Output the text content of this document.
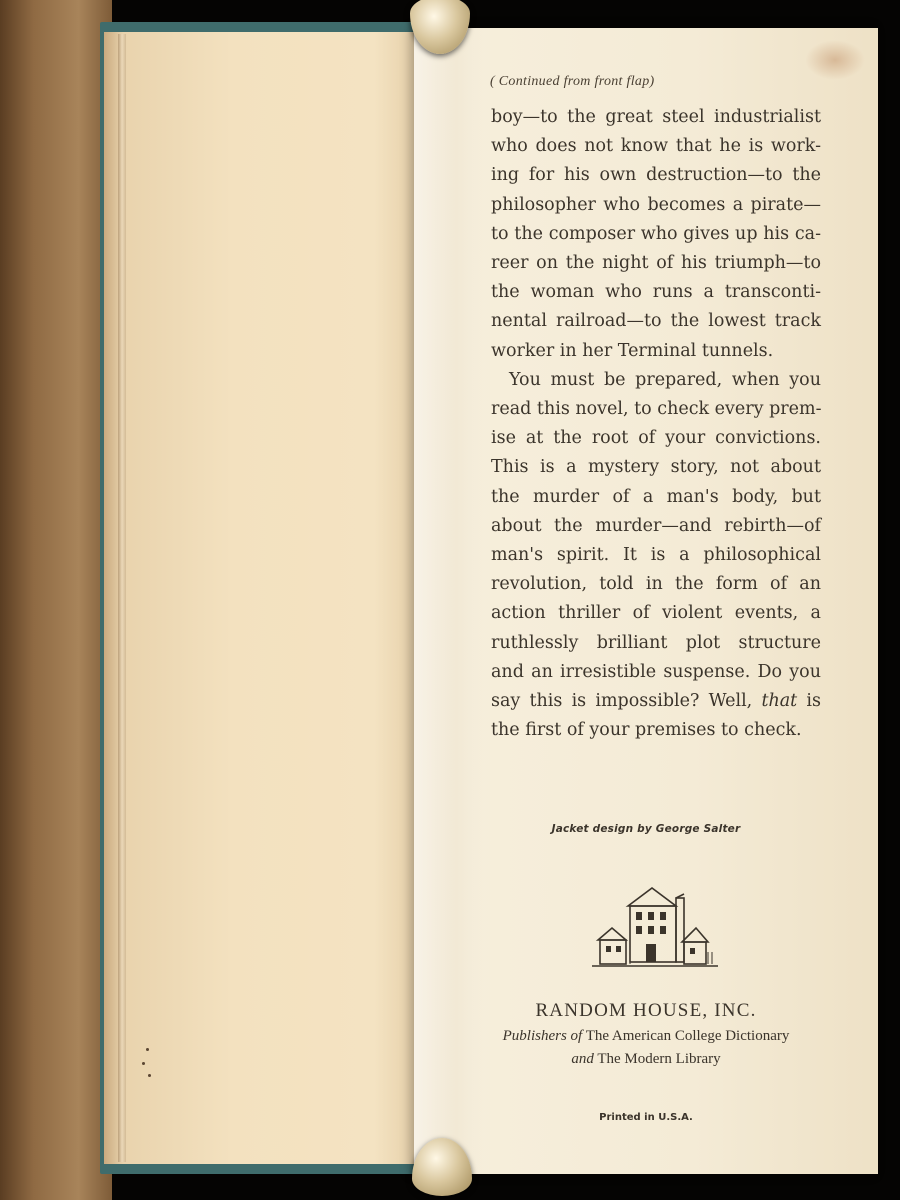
( Continued from front flap)
boy—to the great steel industrialist
who does not know that he is work-
ing for his own destruction—to the
philosopher who becomes a pirate—
to the composer who gives up his ca-
reer on the night of his triumph—to
the woman who runs a transconti-
nental railroad—to the lowest track
worker in her Terminal tunnels.
You must be prepared, when you
read this novel, to check every prem-
ise at the root of your convictions.
This is a mystery story, not about
the murder of a man's body, but
about the murder—and rebirth—of
man's spirit. It is a philosophical
revolution, told in the form of an
action thriller of violent events, a
ruthlessly brilliant plot structure
and an irresistible suspense. Do you
say this is impossible? Well, that is
the first of your premises to check.
Jacket design by George Salter
RANDOM HOUSE, INC.
Publishers of The American College Dictionary
and The Modern Library
Printed in U.S.A.
